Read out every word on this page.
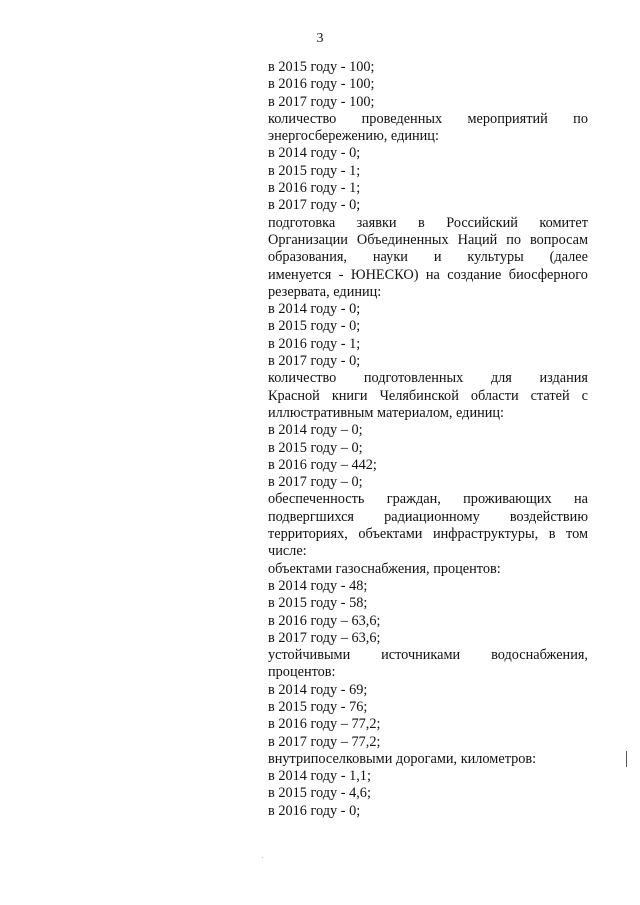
3
в 2015 году - 100;
в 2016 году - 100;
в 2017 году - 100;
количество проведенных мероприятий по
энергосбережению, единиц:
в 2014 году - 0;
в 2015 году - 1;
в 2016 году - 1;
в 2017 году - 0;
подготовка заявки в Российский комитет
Организации Объединенных Наций по вопросам
образования, науки и культуры (далее
именуется - ЮНЕСКО) на создание биосферного
резервата, единиц:
в 2014 году - 0;
в 2015 году - 0;
в 2016 году - 1;
в 2017 году - 0;
количество подготовленных для издания
Красной книги Челябинской области статей с
иллюстративным материалом, единиц:
в 2014 году – 0;
в 2015 году – 0;
в 2016 году – 442;
в 2017 году – 0;
обеспеченность граждан, проживающих на
подвергшихся радиационному воздействию
территориях, объектами инфраструктуры, в том
числе:
объектами газоснабжения, процентов:
в 2014 году - 48;
в 2015 году - 58;
в 2016 году – 63,6;
в 2017 году – 63,6;
устойчивыми источниками водоснабжения,
процентов:
в 2014 году - 69;
в 2015 году - 76;
в 2016 году – 77,2;
в 2017 году – 77,2;
внутрипоселковыми дорогами, километров:
в 2014 году - 1,1;
в 2015 году - 4,6;
в 2016 году - 0;
